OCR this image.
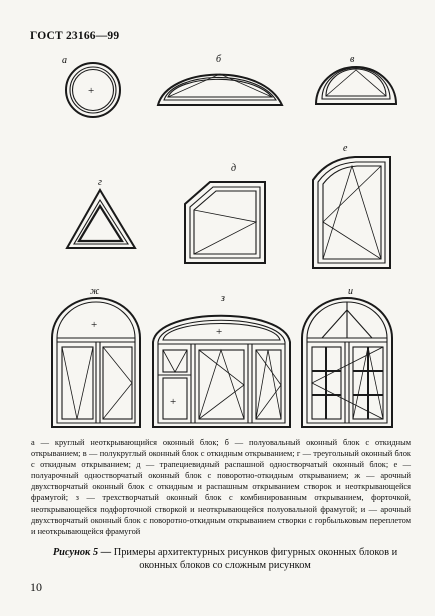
ГОСТ 23166—99
а
+
б	в
г
д
е
ж
+
з
+
+
и
а — круглый неоткрывающийся оконный блок; б — полуовальный оконный блок с откидным открыванием; в — полукруглый оконный блок с откидным открыванием; г — треугольный оконный блок с откидным открыванием; д — трапециевидный распашной одностворчатый оконный блок; е — полуарочный одностворчатый оконный блок с поворотно-откидным открыванием; ж — арочный двухстворчатый оконный блок с откидным и распашным открыванием створок и неоткрывающейся фрамугой; з — трехстворчатый оконный блок с комбинированным открыванием, форточкой, неоткрывающейся подфорточной створкой и неоткрывающейся полуовальной фрамугой; и — арочный двухстворчатый оконный блок с поворотно-откидным открыванием створки с горбыльковым переплетом и неоткрывающейся фрамугой
Рисунок 5 — Примеры архитектурных рисунков фигурных оконных блоков и оконных блоков со сложным рисунком
10
